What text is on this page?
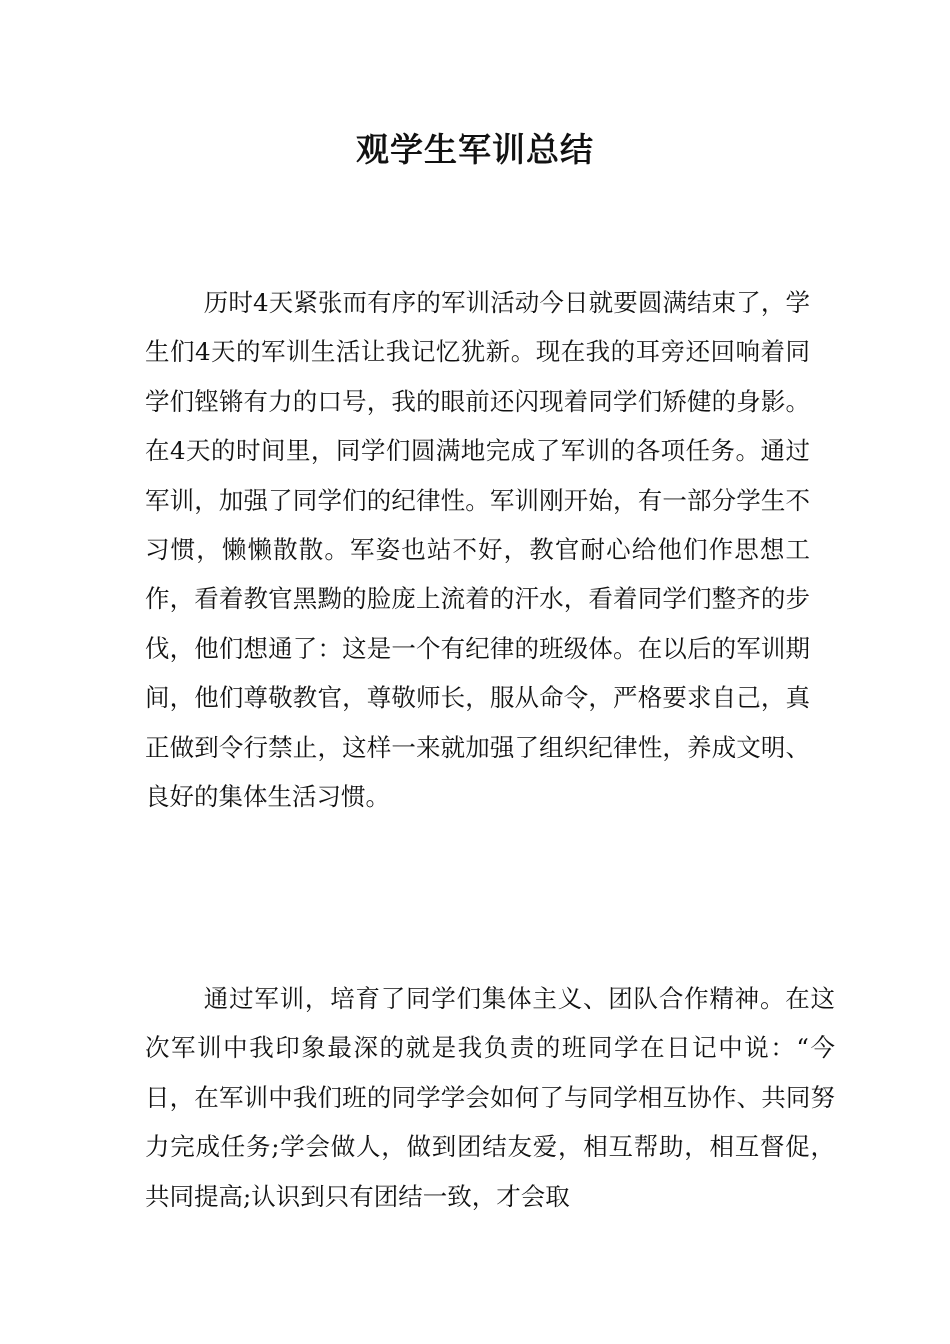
观学生军训总结

历时4天紧张而有序的军训活动今日就要圆满结束了，学生们4天的军训生活让我记忆犹新。现在我的耳旁还回响着同学们铿锵有力的口号，我的眼前还闪现着同学们矫健的身影。在4天的时间里，同学们圆满地完成了军训的各项任务。通过军训，加强了同学们的纪律性。军训刚开始，有一部分学生不习惯，懒懒散散。军姿也站不好，教官耐心给他们作思想工作，看着教官黑黝的脸庞上流着的汗水，看着同学们整齐的步伐，他们想通了：这是一个有纪律的班级体。在以后的军训期间，他们尊敬教官，尊敬师长，服从命令，严格要求自己，真正做到令行禁止，这样一来就加强了组织纪律性，养成文明、良好的集体生活习惯。

通过军训，培育了同学们集体主义、团队合作精神。在这次军训中我印象最深的就是我负责的班同学在日记中说：“今日，在军训中我们班的同学学会如何了与同学相互协作、共同努力完成任务;学会做人，做到团结友爱，相互帮助，相互督促，共同提高;认识到只有团结一致，才会取
